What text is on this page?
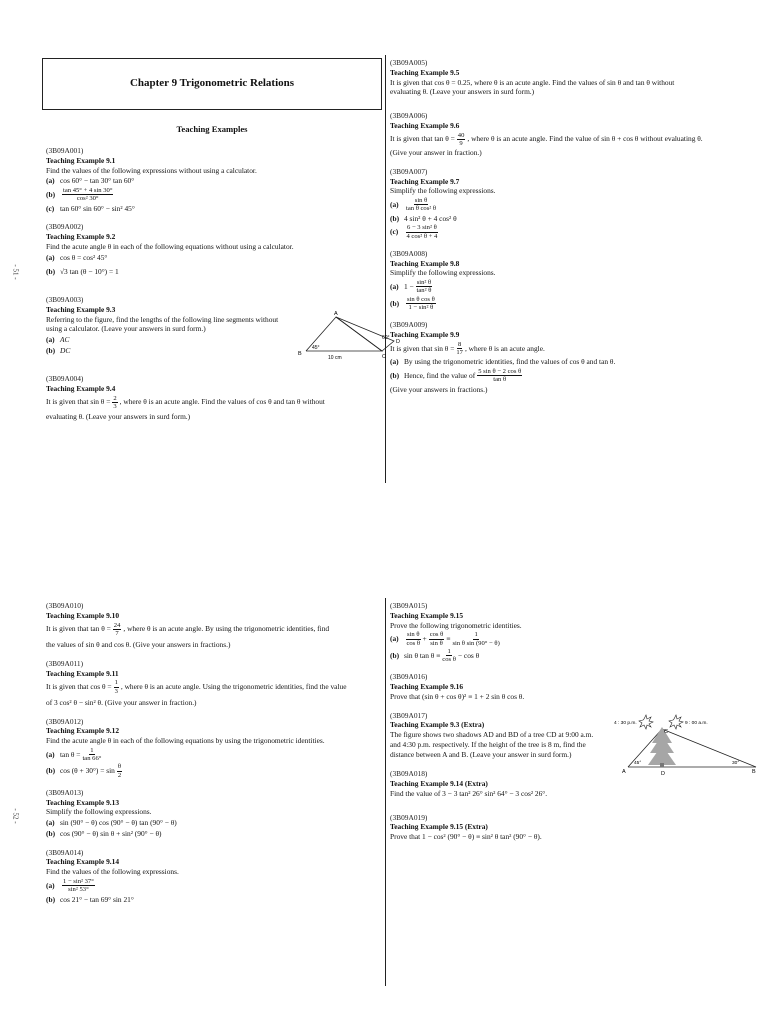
Chapter 9 Trigonometric Relations
Teaching Examples
- 51 -
(3B09A001)
Teaching Example 9.1
Find the values of the following expressions without using a calculator.
(a) cos 60° − tan 30° tan 60°
(b)	$\frac{\tan 45^\circ + 4 \sin 30^\circ}{\text{cos² 30°}}$
(c) tan 60° sin 60° − sin² 45°
(3B09A002)
Teaching Example 9.2
Find the acute angle θ in each of the following equations without using a calculator.
(a) cos θ = cos² 45°
(b) √3 tan (θ − 10°) = 1
(3B09A003)
Teaching Example 9.3
Referring to the figure, find the lengths of the following line segments without
using a calculator. (Leave your answers in surd form.)
(a) AC
(b) DC	B
A
D
C
45°
60°
10 cm
(3B09A004)
Teaching Example 9.4
It is given that $\sin \theta = \frac{2}{3}$ , where θ is an acute angle. Find the values of cos θ and tan θ without
evaluating θ. (Leave your answers in surd form.)
(3B09A005)
Teaching Example 9.5
It is given that cos θ = 0.25, where θ is an acute angle. Find the values of sin θ and tan θ without
evaluating θ. (Leave your answers in surd form.)
(3B09A006)
Teaching Example 9.6
It is given that $\tan \theta = \frac{40}{9}$ , where θ is an acute angle. Find the value of sin θ + cos θ without evaluating θ.
(Give your answer in fraction.)
(3B09A007)
Teaching Example 9.7
Simplify the following expressions.
(a)	$\frac{\text{sin θ}}{\text{tan θ cos² θ}}$
(b) 4 sin² θ + 4 cos² θ
(c)	$\frac{\text{6 − 3 sin² θ}}{\text{4 cos² θ + 4}}$
(3B09A008)
Teaching Example 9.8
Simplify the following expressions.
(a) $1 - \frac{\text{sin² θ}}{\text{tan² θ}}$
(b)	$\frac{\text{sin θ cos θ}}{\text{1 − sin² θ}}$
(3B09A009)
Teaching Example 9.9
It is given that $\sin \theta = \frac{8}{17}$ , where θ is an acute angle.
(a) By using the trigonometric identities, find the values of cos θ and tan θ.
(b) Hence, find the value of $\frac{\text{5 sin θ − 2 cos θ}}{\text{tan θ}}$
(Give your answers in fractions.)
- 52 -
(3B09A010)
Teaching Example 9.10
It is given that $\tan \theta = \frac{24}{7}$ , where θ is an acute angle. By using the trigonometric identities, find
the values of sin θ and cos θ. (Give your answers in fractions.)
(3B09A011)
Teaching Example 9.11
It is given that $\cos \theta = \frac{1}{3}$ , where θ is an acute angle. Using the trigonometric identities, find the value
of 3 cos² θ − sin² θ. (Give your answer in fraction.)
(3B09A012)
Teaching Example 9.12
Find the acute angle θ in each of the following equations by using the trigonometric identities.
(a) $\tan \theta = \frac{1}{\tan 66^\circ}$
(b) $\cos (\theta + 30^\circ) = \sin \frac{\theta}{2}$
(3B09A013)
Teaching Example 9.13
Simplify the following expressions.
(a) sin (90° − θ) cos (90° − θ) tan (90° − θ)
(b) cos (90° − θ) sin θ + sin² (90° − θ)
(3B09A014)
Teaching Example 9.14
Find the values of the following expressions.
(a)	$\frac{\text{1 − sin² 37°}}{\text{sin² 53°}}$
(b) cos 21° − tan 69° sin 21°
(3B09A015)
Teaching Example 9.15
Prove the following trigonometric identities.
(a)	$\frac{\text{sin θ}}{\text{cos θ}} + \frac{\text{cos θ}}{\text{sin θ}} \equiv \frac{1}{\text{sin θ sin (90° − θ)}}$
(b) sin θ $\tan \theta \equiv \frac{1}{\text{cos θ}} - \cos \theta$
(3B09A016)
Teaching Example 9.16
Prove that (sin θ + cos θ)² ≡ 1 + 2 sin θ cos θ.
(3B09A017)
Teaching Example 9.3 (Extra)
The figure shows two shadows AD and BD of a tree CD at 9:00 a.m.
and 4:30 p.m. respectively. If the height of the tree is 8 m, find the
distance between A and B. (Leave your answer in surd form.)
4 : 30 p.m.	9 : 00 a.m.
C
A	D	B
45°	30°
(3B09A018)
Teaching Example 9.14 (Extra)
Find the value of 3 − 3 tan² 26° sin² 64° − 3 cos² 26°.
(3B09A019)
Teaching Example 9.15 (Extra)
Prove that 1 − cos² (90° − θ) ≡ sin² θ tan² (90° − θ).
